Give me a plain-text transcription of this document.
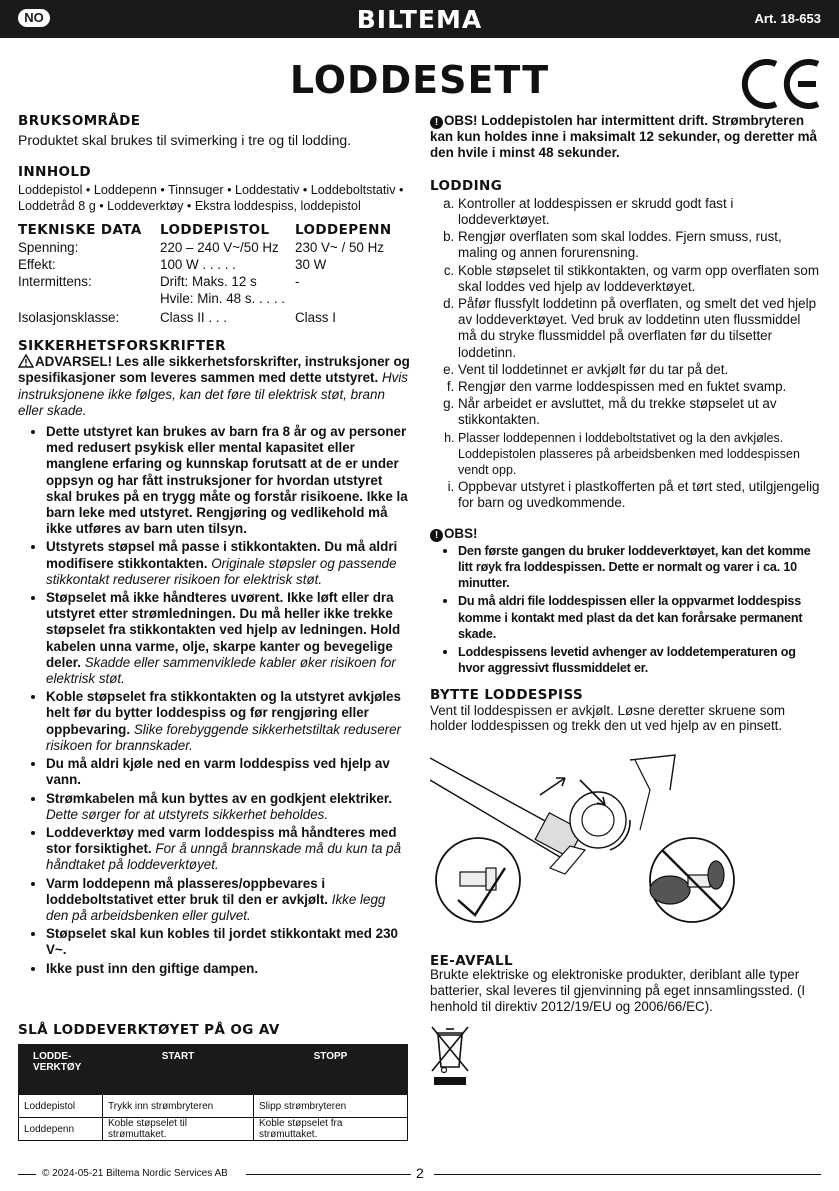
NO	BILTEMA	Art. 18-653
LODDESETT
BRUKSOMRÅDE

Produktet skal brukes til svimerking i tre og til lodding.

INNHOLD

Loddepistol • Loddepenn • Tinnsuger • Loddestativ • Loddeboltstativ • Loddetråd 8 g • Loddeverktøy • Ekstra loddespiss, loddepistol

TEKNISKE DATA	LODDEPISTOL	LODDEPENN
Spenning:	220 – 240 V~/50 Hz	230 V~ / 50 Hz
Effekt:	100 W . . . . .	30 W
Intermittens:	Drift: Maks. 12 s	-
	Hvile: Min. 48 s. . . . .	
Isolasjonsklasse:	Class II . . .	Class I
SIKKERHETSFORSKRIFTER

ADVARSEL! Les alle sikkerhetsforskrifter, instruksjoner og spesifikasjoner som leveres sammen med dette utstyret. Hvis instruksjonene ikke følges, kan det føre til elektrisk støt, brann eller skade.

• Dette utstyret kan brukes av barn fra 8 år og av personer med redusert psykisk eller mental kapasitet eller manglene erfaring og kunnskap forutsatt at de er under oppsyn og har fått instruksjoner for hvordan utstyret skal brukes på en trygg måte og forstår risikoene. Ikke la barn leke med utstyret. Rengjøring og vedlikehold må ikke utføres av barn uten tilsyn.
• Utstyrets støpsel må passe i stikkontakten. Du må aldri modifisere stikkontakten. Originale støpsler og passende stikkontakt reduserer risikoen for elektrisk støt.
• Støpselet må ikke håndteres uvørent. Ikke løft eller dra utstyret etter strømledningen. Du må heller ikke trekke støpselet fra stikkontakten ved hjelp av ledningen. Hold kabelen unna varme, olje, skarpe kanter og bevegelige deler. Skadde eller sammenviklede kabler øker risikoen for elektrisk støt.
• Koble støpselet fra stikkontakten og la utstyret avkjøles helt før du bytter loddespiss og før rengjøring eller oppbevaring. Slike forebyggende sikkerhetstiltak reduserer risikoen for brannskader.
• Du må aldri kjøle ned en varm loddespiss ved hjelp av vann.
• Strømkabelen må kun byttes av en godkjent elektriker. Dette sørger for at utstyrets sikkerhet beholdes.
• Loddeverktøy med varm loddespiss må håndteres med stor forsiktighet. For å unngå brannskade må du kun ta på håndtaket på loddeverktøyet.
• Varm loddepenn må plasseres/oppbevares i loddeboltstativet etter bruk til den er avkjølt. Ikke legg den på arbeidsbenken eller gulvet.
• Støpselet skal kun kobles til jordet stikkontakt med 230 V~.
• Ikke pust inn den giftige dampen.
SLÅ LODDEVERKTØYET PÅ OG AV
LODDE-
VERKTØY	START	STOPP
Loddepistol	Trykk inn strømbryteren	Slipp strømbryteren
Loddepenn	Koble støpselet til strømuttaket.	Koble støpselet fra strømuttaket.

! OBS! Loddepistolen har intermittent drift. Strømbryteren kan kun holdes inne i maksimalt 12 sekunder, og deretter må den hvile i minst 48 sekunder.

LODDING
a. Kontroller at loddespissen er skrudd godt fast i loddeverktøyet.
b. Rengjør overflaten som skal loddes. Fjern smuss, rust, maling og annen forurensning.
c. Koble støpselet til stikkontakten, og varm opp overflaten som skal loddes ved hjelp av loddeverktøyet.
d. Påfør flussfylt loddetinn på overflaten, og smelt det ved hjelp av loddeverktøyet. Ved bruk av loddetinn uten flussmiddel må du stryke flussmiddel på overflaten før du tilsetter loddetinn.
e. Vent til loddetinnet er avkjølt før du tar på det.
f. Rengjør den varme loddespissen med en fuktet svamp.
g. Når arbeidet er avsluttet, må du trekke støpselet ut av stikkontakten.
h. Plasser loddepennen i loddeboltstativet og la den avkjøles. Loddepistolen plasseres på arbeidsbenken med loddespissen vendt opp.
i. Oppbevar utstyret i plastkofferten på et tørt sted, utilgjengelig for barn og uvedkommende.

! OBS!

• Den første gangen du bruker loddeverktøyet, kan det komme litt røyk fra loddespissen. Dette er normalt og varer i ca. 10 minutter.
• Du må aldri file loddespissen eller la oppvarmet loddespiss komme i kontakt med plast da det kan forårsake permanent skade.
• Loddespissens levetid avhenger av loddetemperaturen og hvor aggressivt flussmiddelet er.
BYTTE LODDESPISS

Vent til loddespissen er avkjølt. Løsne deretter skruene som holder loddespissen og trekk den ut ved hjelp av en pinsett.

EE-AVFALL

Brukte elektriske og elektroniske produkter, deriblant alle typer batterier, skal leveres til gjenvinning på eget innsamlingssted. (I henhold til direktiv 2012/19/EU og 2006/66/EC).

© 2024-05-21 Biltema Nordic Services AB	2
